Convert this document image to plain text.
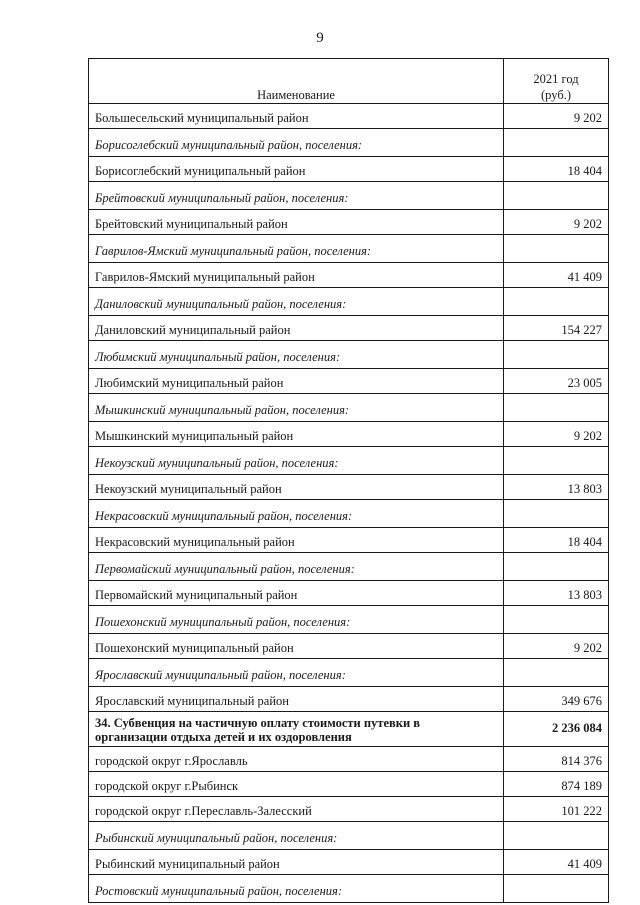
9
Наименование	2021 год
(руб.)
Большесельский муниципальный район	9 202
Борисоглебский муниципальный район, поселения:	
Борисоглебский муниципальный район	18 404
Брейтовский муниципальный район, поселения:	
Брейтовский муниципальный район	9 202
Гаврилов-Ямский муниципальный район, поселения:	
Гаврилов-Ямский муниципальный район	41 409
Даниловский муниципальный район, поселения:	
Даниловский муниципальный район	154 227
Любимский муниципальный район, поселения:	
Любимский муниципальный район	23 005
Мышкинский муниципальный район, поселения:	
Мышкинский муниципальный район	9 202
Некоузский муниципальный район, поселения:	
Некоузский муниципальный район	13 803
Некрасовский муниципальный район, поселения:	
Некрасовский муниципальный район	18 404
Первомайский муниципальный район, поселения:	
Первомайский муниципальный район	13 803
Пошехонский муниципальный район, поселения:	
Пошехонский муниципальный район	9 202
Ярославский муниципальный район, поселения:	
Ярославский муниципальный район	349 676
34. Субвенция на частичную оплату стоимости путевки в
организации отдыха детей и их оздоровления	2 236 084
городской округ г.Ярославль	814 376
городской округ г.Рыбинск	874 189
городской округ г.Переславль-Залесский	101 222
Рыбинский муниципальный район, поселения:	
Рыбинский муниципальный район	41 409
Ростовский муниципальный район, поселения:	
